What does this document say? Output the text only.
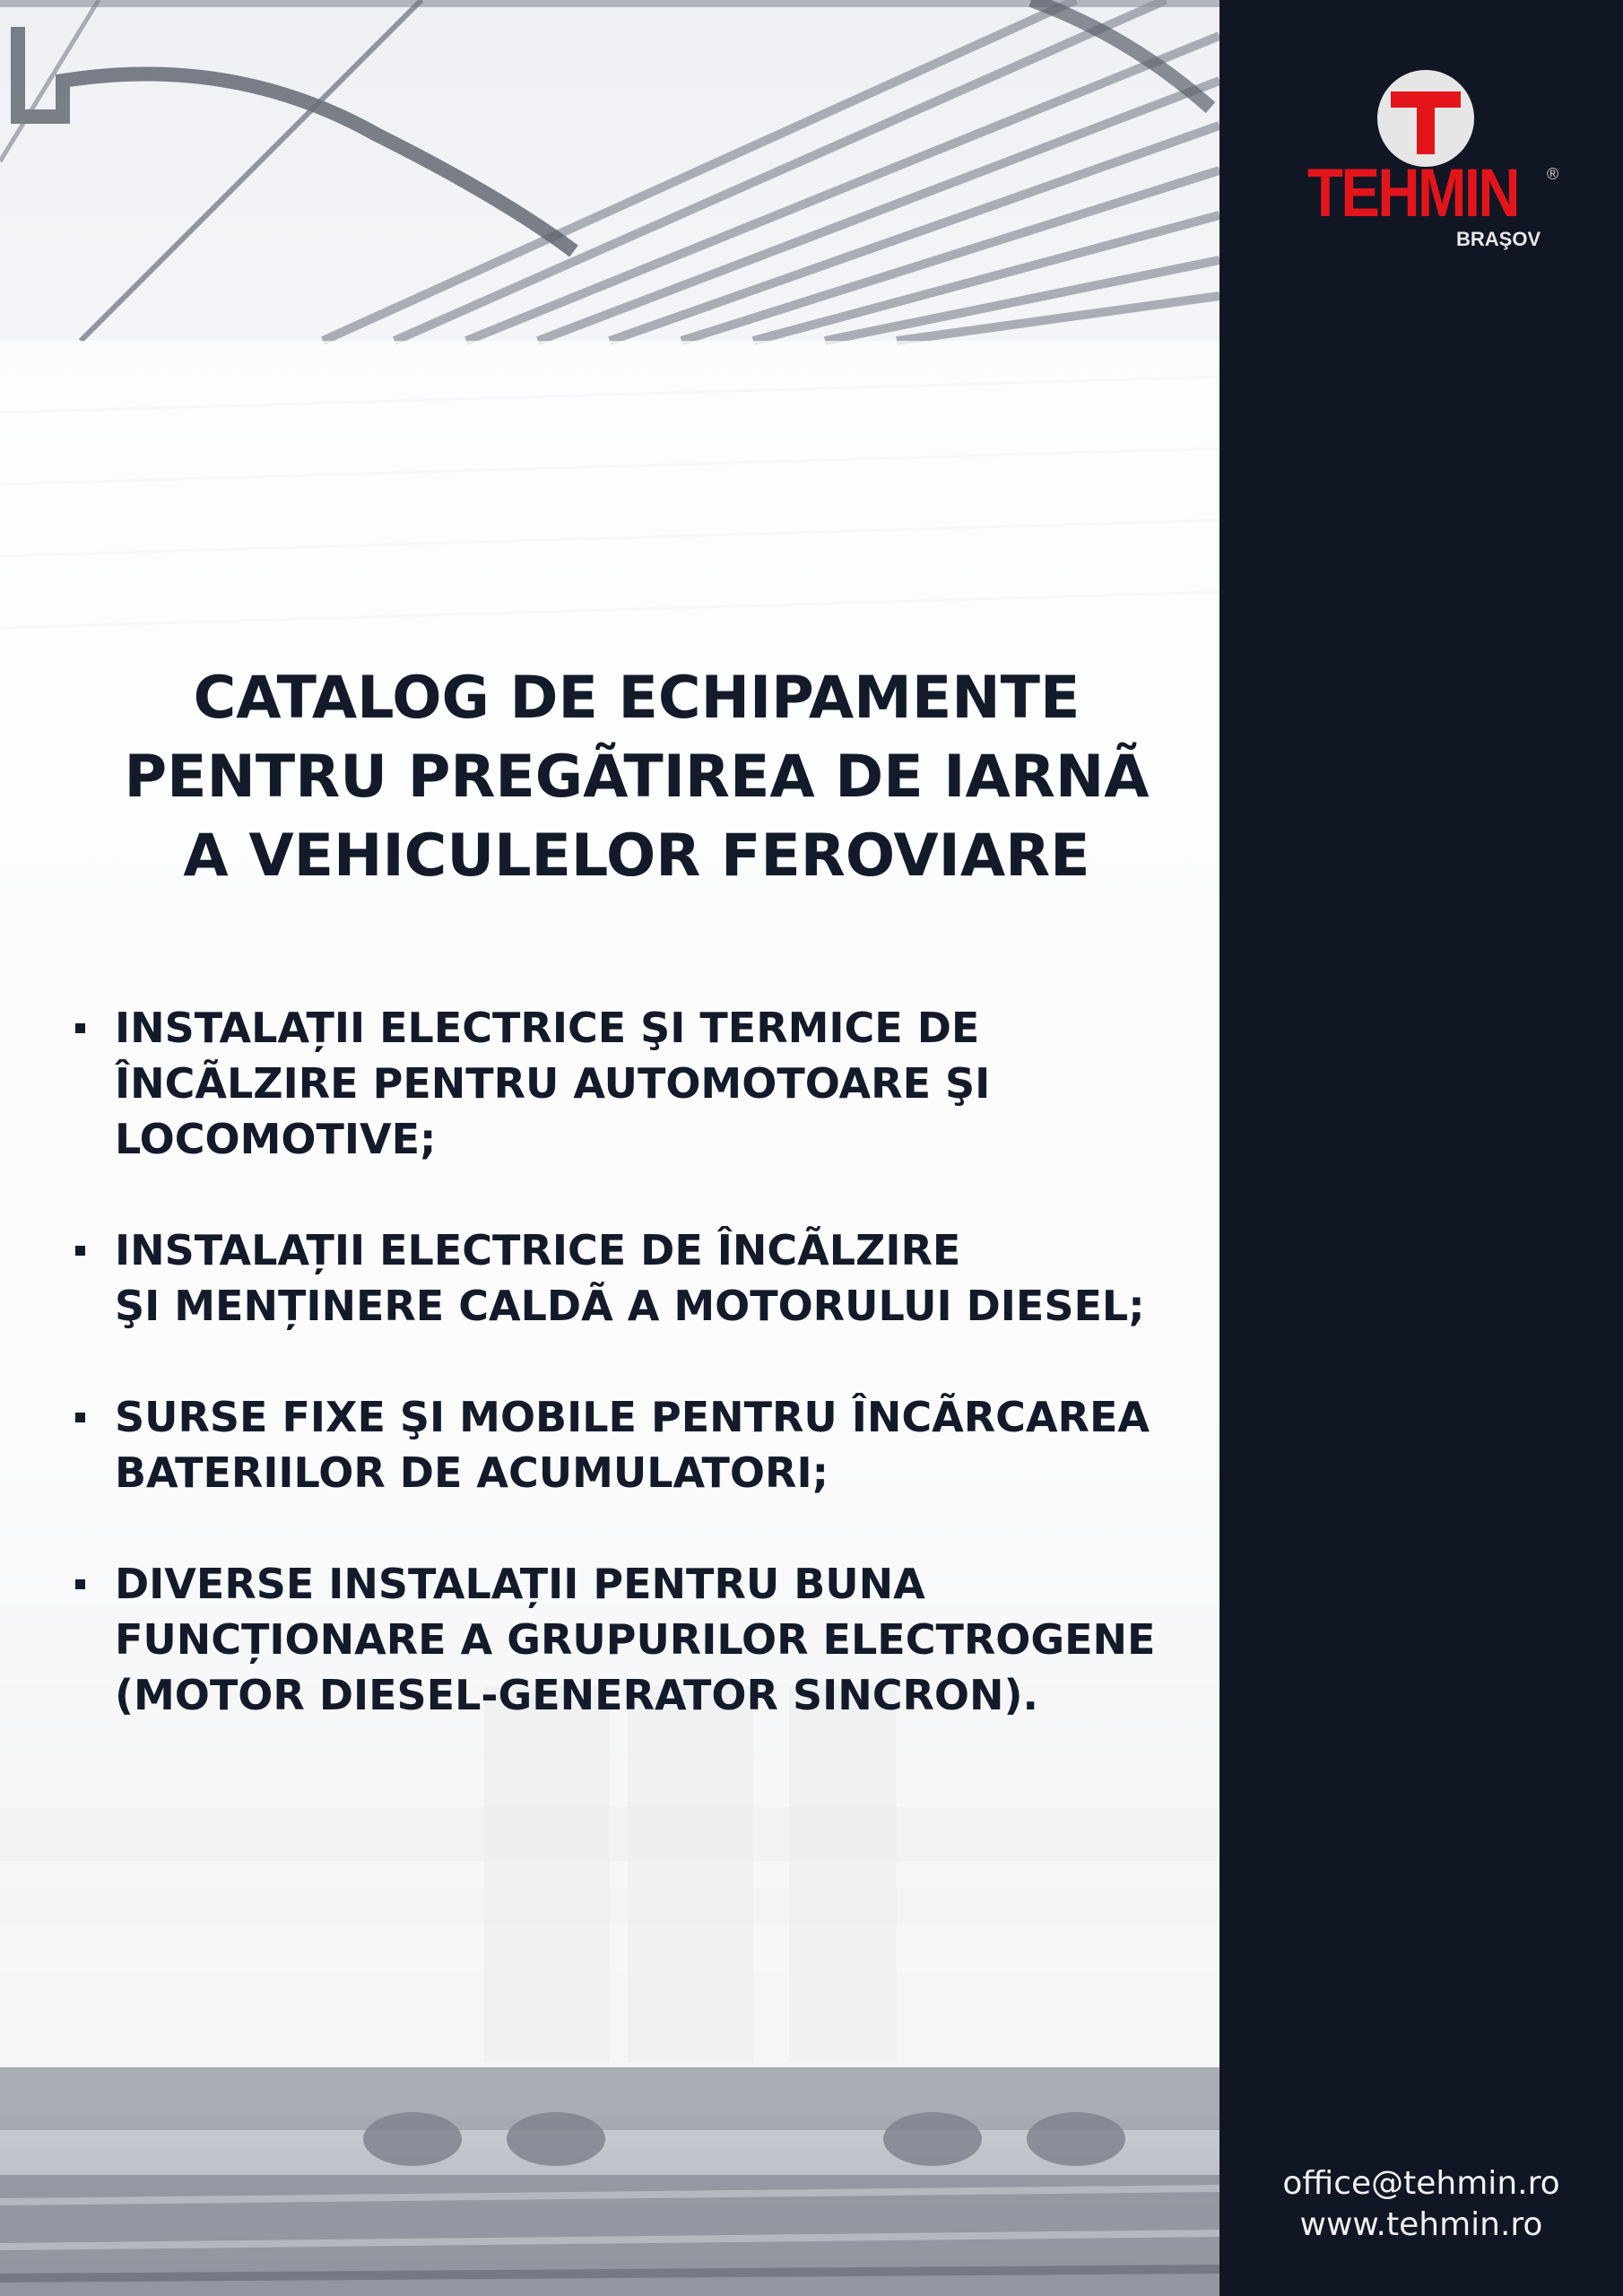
TEHMIN ®
BRAŞOV
CATALOG DE ECHIPAMENTE
PENTRU PREGÃTIREA DE IARNÃ
A VEHICULELOR FEROVIARE
INSTALAȚII ELECTRICE ŞI TERMICE DE
ÎNCÃLZIRE PENTRU AUTOMOTOARE ŞI
LOCOMOTIVE;
INSTALAȚII ELECTRICE DE ÎNCÃLZIRE
ŞI MENȚINERE CALDÃ A MOTORULUI DIESEL;
SURSE FIXE ŞI MOBILE PENTRU ÎNCÃRCAREA
BATERIILOR DE ACUMULATORI;
DIVERSE INSTALAȚII PENTRU BUNA
FUNCȚIONARE A GRUPURILOR ELECTROGENE
(MOTOR DIESEL-GENERATOR SINCRON).
office@tehmin.ro
www.tehmin.ro
